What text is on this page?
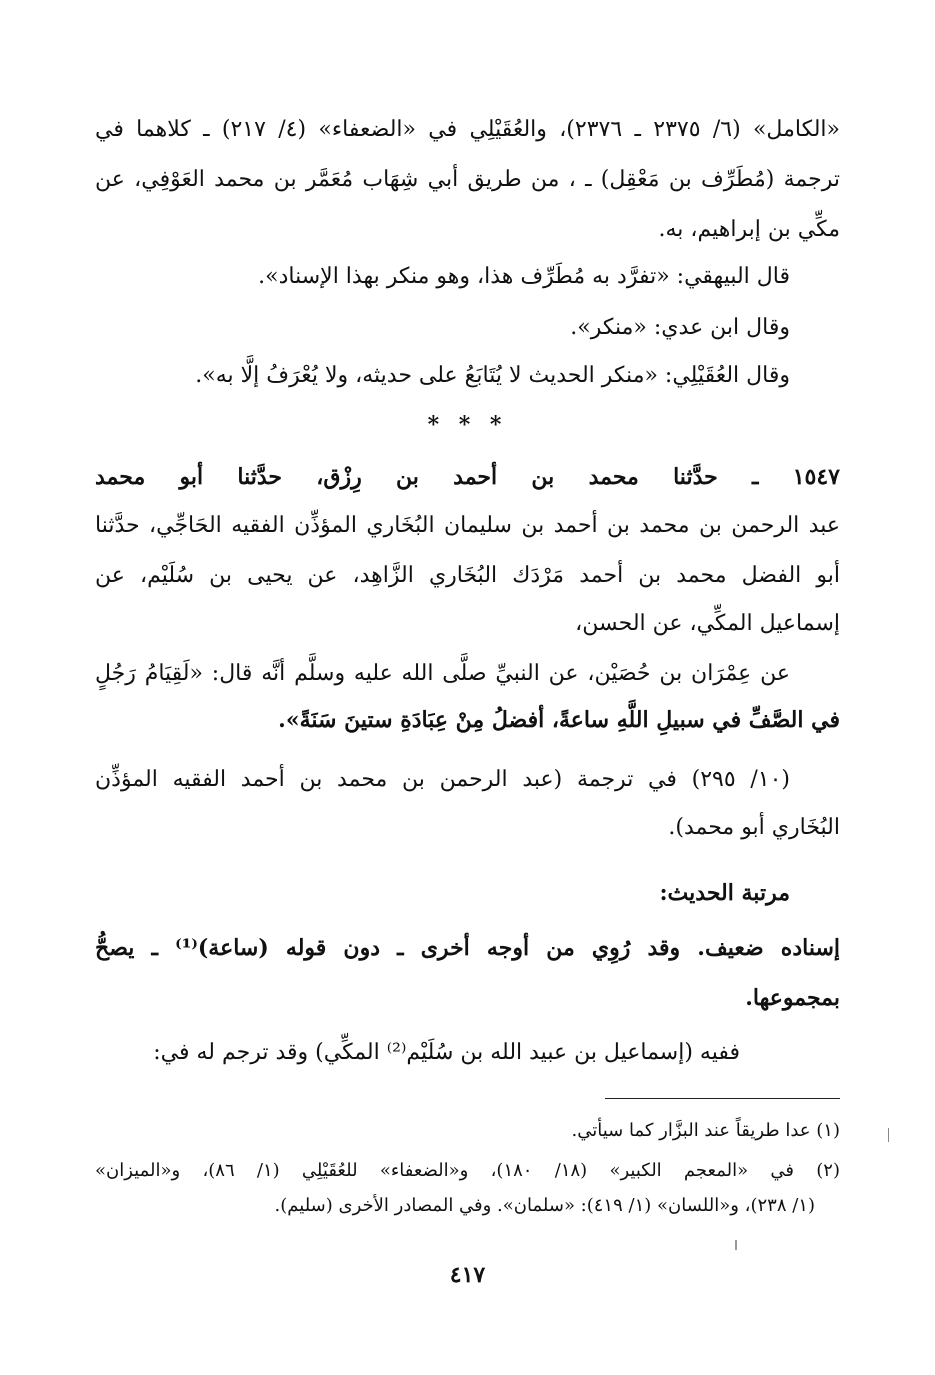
«الكامل» (٦/ ٢٣٧٥ ـ ٢٣٧٦)، والعُقَيْلِي في «الضعفاء» (٤/ ٢١٧) ـ كلاهما في
ترجمة (مُطَرِّف بن مَعْقِل) ـ ، من طريق أبي شِهَاب مُعَمَّر بن محمد العَوْفِي، عن
مكِّي بن إبراهيم، به.
قال البيهقي: «تفرَّد به مُطَرِّف هذا، وهو منكر بهذا الإسناد».
وقال ابن عدي: «منكر».
وقال العُقَيْلِي: «منكر الحديث لا يُتَابَعُ على حديثه، ولا يُعْرَفُ إلَّا به».
* * *
١٥٤٧ ـ حدَّثنا محمد بن أحمد بن رِزْق، حدَّثنا أبو محمد
عبد الرحمن بن محمد بن أحمد بن سليمان البُخَاري المؤذِّن الفقيه الحَاجِّي، حدَّثنا
أبو الفضل محمد بن أحمد مَرْدَك البُخَاري الزَّاهِد، عن يحيى بن سُلَيْم، عن
إسماعيل المكِّي، عن الحسن،
عن عِمْرَان بن حُصَيْن، عن النبيِّ صلَّى الله عليه وسلَّم أنَّه قال: «لَقِيَامُ رَجُلٍ
في الصَّفِّ في سبيلِ اللَّهِ ساعةً، أفضلُ مِنْ عِبَادَةِ ستينَ سَنَةً».
(١٠/ ٢٩٥) في ترجمة (عبد الرحمن بن محمد بن أحمد الفقيه المؤذِّن
البُخَاري أبو محمد).
مرتبة الحديث:
إسناده ضعيف. وقد رُوِي من أوجه أخرى ـ دون قوله (ساعة)⁽¹⁾ ـ يصحُّ
بمجموعها.
ففيه (إسماعيل بن عبيد الله بن سُلَيْم⁽²⁾ المكِّي) وقد ترجم له في:
(١) عدا طريقاً عند البزَّار كما سيأتي.
(٢) في «المعجم الكبير» (١٨/ ١٨٠)، و«الضعفاء» للعُقَيْلِي (١/ ٨٦)، و«الميزان»
(١/ ٢٣٨)، و«اللسان» (١/ ٤١٩): «سلمان». وفي المصادر الأخرى (سليم).
٤١٧
